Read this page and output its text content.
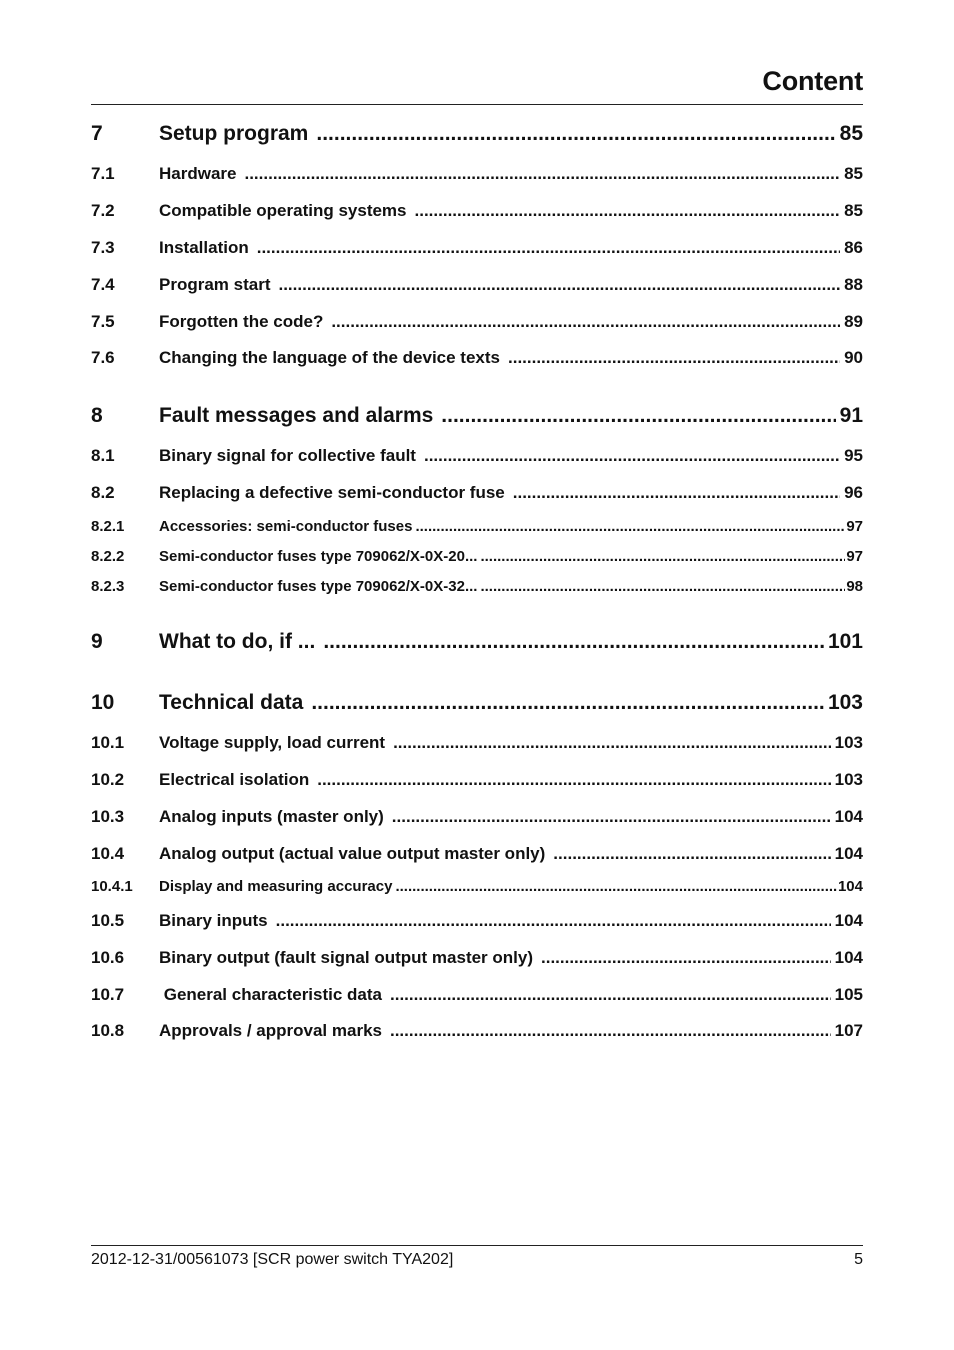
Content
7	Setup program .....	85
7.1	Hardware .....	85
7.2	Compatible operating systems .....	85
7.3	Installation .....	86
7.4	Program start .....	88
7.5	Forgotten the code? .....	89
7.6	Changing the language of the device texts .....	90
8	Fault messages and alarms .....	91
8.1	Binary signal for collective fault .....	95
8.2	Replacing a defective semi-conductor fuse .....	96
8.2.1	Accessories: semi-conductor fuses .....	97
8.2.2	Semi-conductor fuses type 709062/X-0X-20... .....	97
8.2.3	Semi-conductor fuses type 709062/X-0X-32... .....	98
9	What to do, if ... .....	101
10	Technical data .....	103
10.1	Voltage supply, load current .....	103
10.2	Electrical isolation .....	103
10.3	Analog inputs (master only) .....	104
10.4	Analog output (actual value output master only) .....	104
10.4.1	Display and measuring accuracy .....	104
10.5	Binary inputs .....	104
10.6	Binary output (fault signal output master only) .....	104
10.7	General characteristic data .....	105
10.8	Approvals / approval marks .....	107
2012-12-31/00561073 [SCR power switch TYA202]	5
